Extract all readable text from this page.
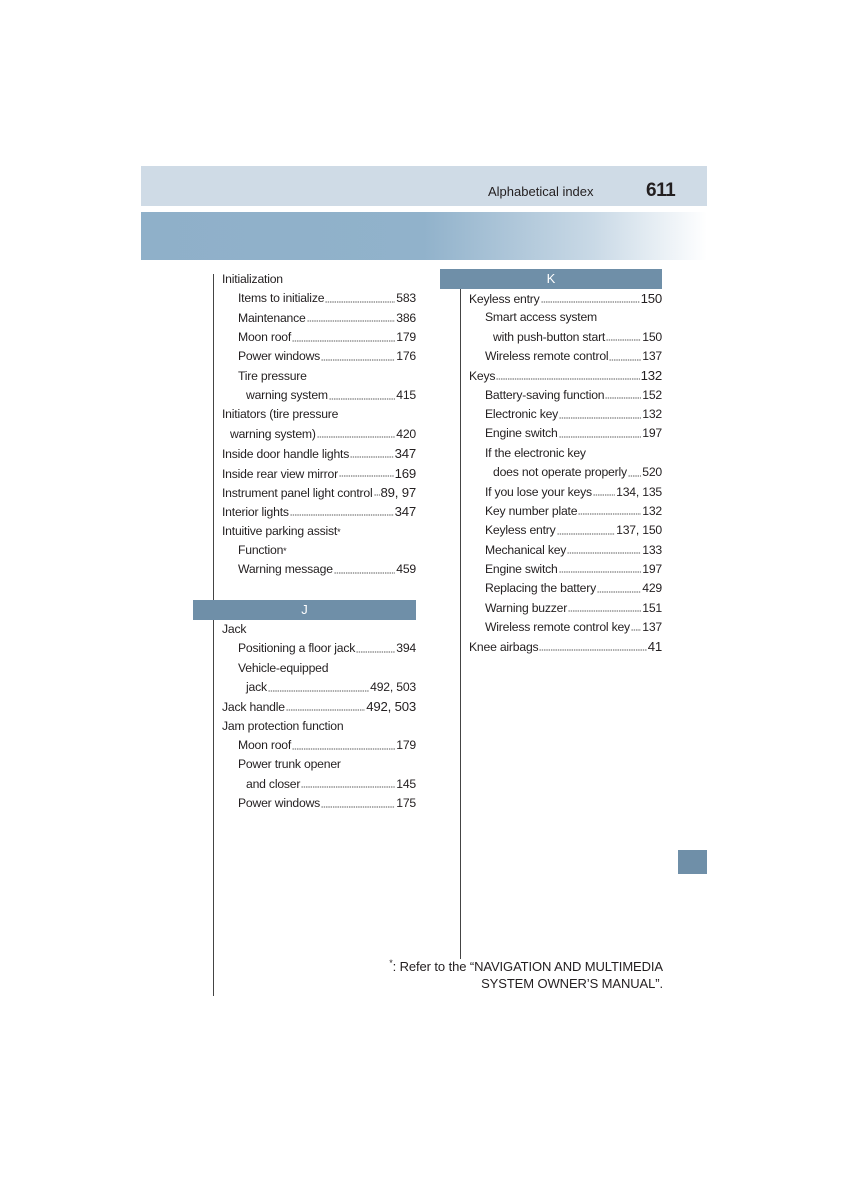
Alphabetical index	611
K
J
Initialization
Items to initialize	583
Maintenance	386
Moon roof	179
Power windows	176
Tire pressure
warning system	415
Initiators (tire pressure
warning system)	420
Inside door handle lights	347
Inside rear view mirror	169
Instrument panel light control 89, 97
Interior lights	347
Intuitive parking assist *
Function *
Warning message	459
Jack
Positioning a floor jack	394
Vehicle-equipped
jack	492, 503
Jack handle	492, 503
Jam protection function
Moon roof	179
Power trunk opener
and closer	145
Power windows	175
Keyless entry	150
Smart access system
with push-button start	150
Wireless remote control	137
Keys	132
Battery-saving function	152
Electronic key	132
Engine switch	197
If the electronic key
does not operate properly 520
If you lose your keys 134, 135
Key number plate	132
Keyless entry	137, 150
Mechanical key	133
Engine switch	197
Replacing the battery	429
Warning buzzer	151
Wireless remote control key 137
Knee airbags	41
*: Refer to the “NAVIGATION AND MULTIMEDIA
SYSTEM OWNER’S MANUAL”.
